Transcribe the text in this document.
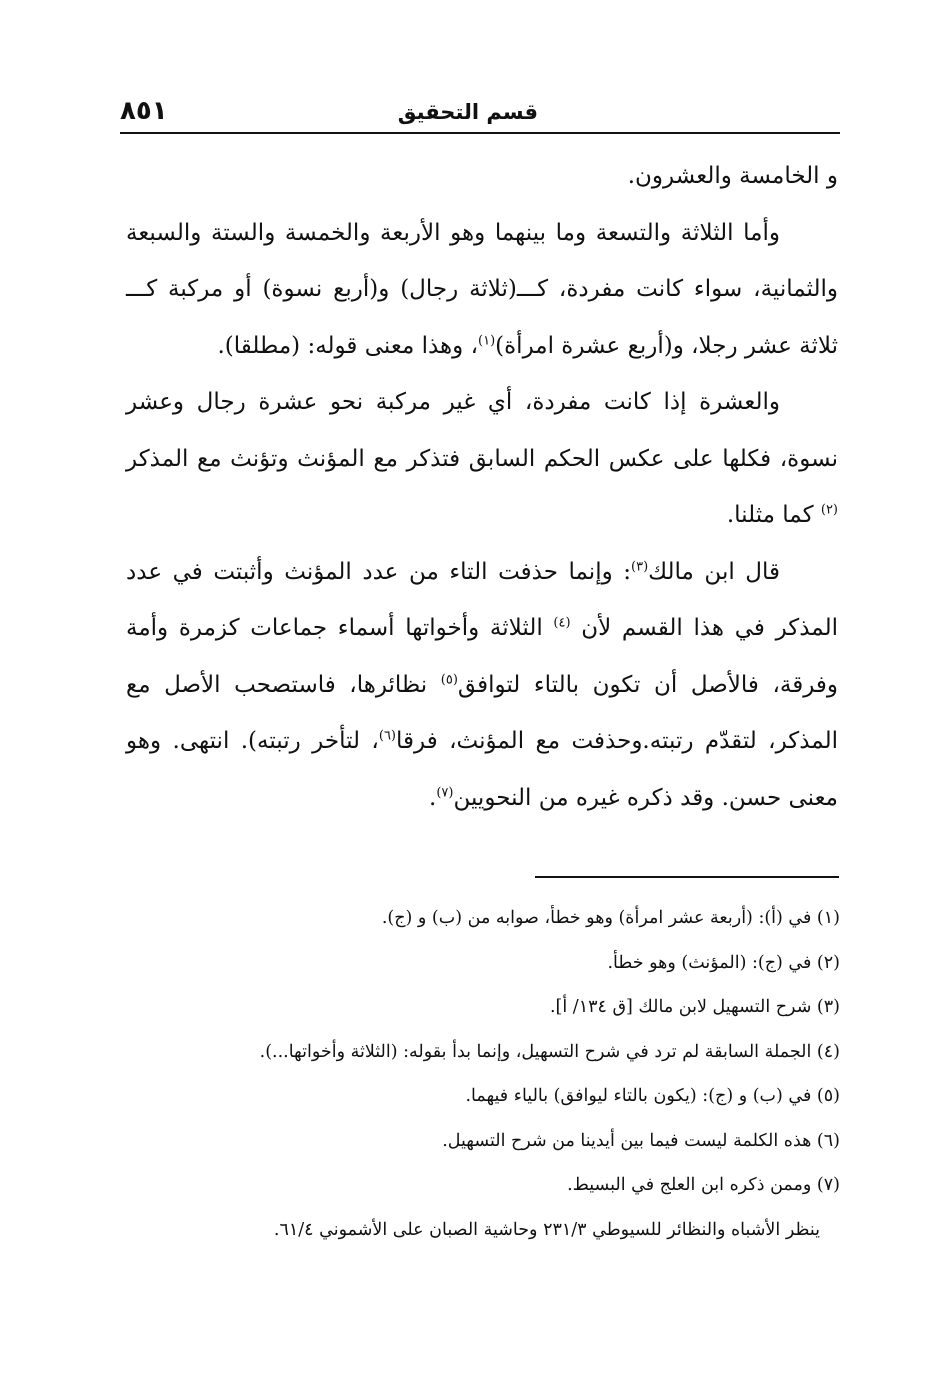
قسم التحقيق
٨٥١

و الخامسة والعشرون.

وأما الثلاثة والتسعة وما بينهما وهو الأربعة والخمسة والستة والسبعة والثمانية، سواء كانت مفردة، كـــ(ثلاثة رجال) و(أربع نسوة) أو مركبة كـــ ثلاثة عشر رجلا، و(أربع عشرة امرأة)$^{(١)}$، وهذا معنى قوله: (مطلقا).

والعشرة إذا كانت مفردة، أي غير مركبة نحو عشرة رجال وعشر نسوة، فكلها على عكس الحكم السابق فتذكر مع المؤنث وتؤنث مع المذكر $^{(٢)}$ كما مثلنا.

قال ابن مالك$^{(٣)}$: وإنما حذفت التاء من عدد المؤنث وأثبتت في عدد المذكر في هذا القسم لأن $^{(٤)}$ الثلاثة وأخواتها أسماء جماعات كزمرة وأمة وفرقة، فالأصل أن تكون بالتاء لتوافق$^{(٥)}$ نظائرها، فاستصحب الأصل مع المذكر، لتقدّم رتبته.وحذفت مع المؤنث، فرقا$^{(٦)}$، لتأخر رتبته). انتهى. وهو معنى حسن. وقد ذكره غيره من النحويين$^{(٧)}$.

(١) في (أ): (أربعة عشر امرأة) وهو خطأ، صوابه من (ب) و (ج).
(٢) في (ج): (المؤنث) وهو خطأ.
(٣) شرح التسهيل لابن مالك [ق ١٣٤/ أ].
(٤) الجملة السابقة لم ترد في شرح التسهيل، وإنما بدأ بقوله: (الثلاثة وأخواتها...).
(٥) في (ب) و (ج): (يكون بالتاء ليوافق) بالياء فيهما.
(٦) هذه الكلمة ليست فيما بين أيدينا من شرح التسهيل.
(٧) وممن ذكره ابن العلج في البسيط.
ينظر الأشباه والنظائر للسيوطي ٢٣١/٣ وحاشية الصبان على الأشموني ٦١/٤.
